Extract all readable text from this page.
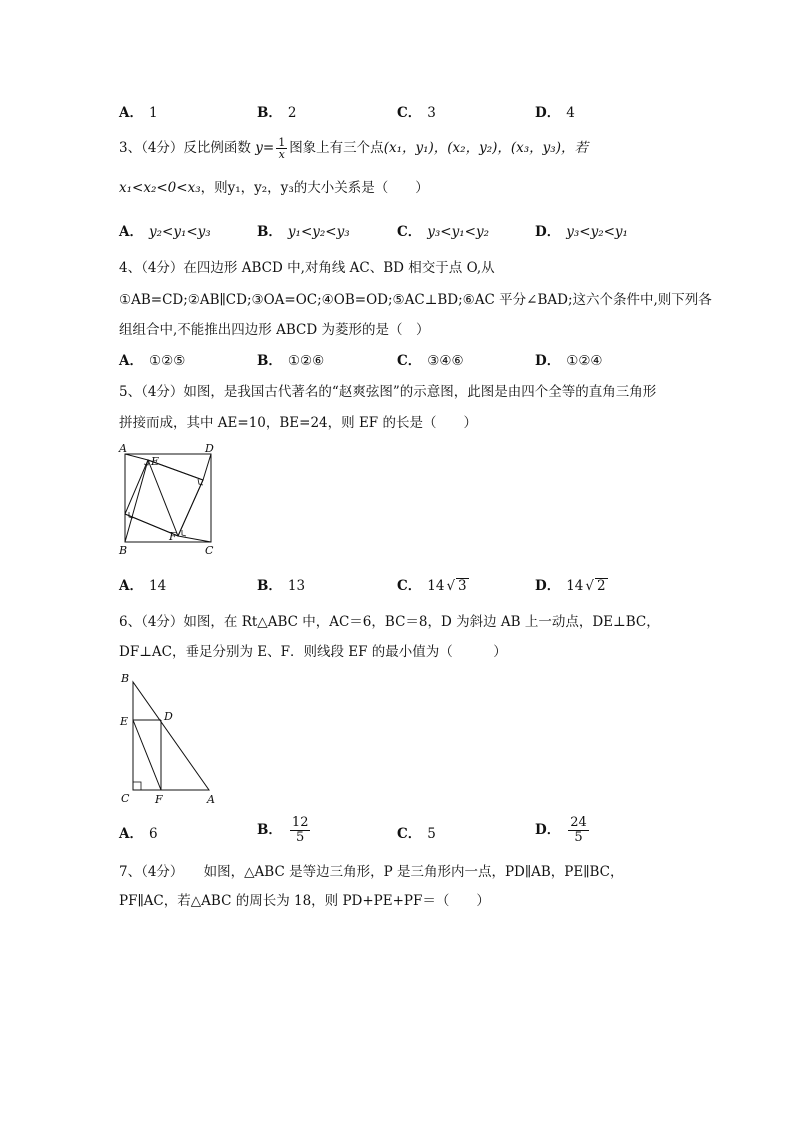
A． 1	B． 2	C． 3	D． 4
3、（4分）反比例函数 $y= \frac{1}{x}$ 图象上有三个点(x₁，y₁)，(x₂，y₂)，(x₃，y₃)，若
x₁<x₂<0<x₃，则y₁，y₂，y₃的大小关系是（　　）
A． y₂<y₁<y₃	B． y₁<y₂<y₃	C． y₃<y₁<y₂	D． y₃<y₂<y₁
4、（4分）在四边形 ABCD 中,对角线 AC、BD 相交于点 O,从
①AB=CD;②AB∥CD;③OA=OC;④OB=OD;⑤AC⊥BD;⑥AC 平分∠BAD;这六个条件中,则下列各
组组合中,不能推出四边形 ABCD 为菱形的是（　）
A． ①②⑤	B． ①②⑥	C． ③④⑥	D． ①②④
5、（4分）如图，是我国古代著名的“赵爽弦图”的示意图，此图是由四个全等的直角三角形
拼接而成，其中 AE=10，BE=24，则 EF 的长是（　　）
A	D
E
B
F
C
A． 14	B． 13	C． 14 √ 3	D． 14 √ 2
6、（4分）如图，在 Rt△ABC 中，AC＝6，BC＝8，D 为斜边 AB 上一动点，DE⊥BC，
DF⊥AC，垂足分别为 E、F．则线段 EF 的最小值为（　　　）
B
E	D
C F	A
A． 6	B． $\frac{12}{5}$	C． 5	D． $\frac{24}{5}$
7、（4分）　　如图，△ABC 是等边三角形，P 是三角形内一点，PD∥AB，PE∥BC，
PF∥AC，若△ABC 的周长为 18，则 PD+PE+PF＝（　　）
